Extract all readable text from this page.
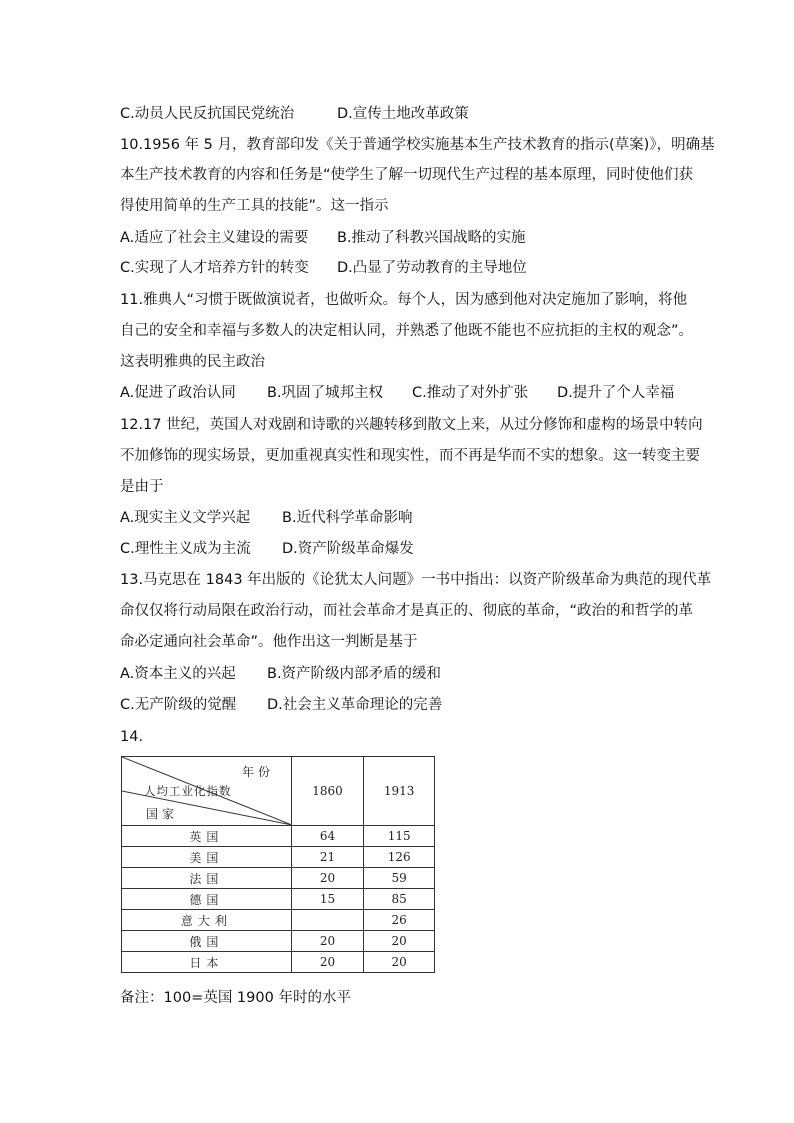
C.动员人民反抗国民党统治	D.宣传土地改革政策
10.1956 年 5 月，教育部印发《关于普通学校实施基本生产技术教育的指示(草案)》，明确基
本生产技术教育的内容和任务是“使学生了解一切现代生产过程的基本原理，同时使他们获
得使用简单的生产工具的技能”。这一指示
A.适应了社会主义建设的需要 B.推动了科教兴国战略的实施
C.实现了人才培养方针的转变 D.凸显了劳动教育的主导地位
11.雅典人“习惯于既做演说者，也做听众。每个人，因为感到他对决定施加了影响，将他
自己的安全和幸福与多数人的决定相认同，并熟悉了他既不能也不应抗拒的主权的观念”。
这表明雅典的民主政治
A.促进了政治认同 B.巩固了城邦主权 C.推动了对外扩张 D.提升了个人幸福
12.17 世纪，英国人对戏剧和诗歌的兴趣转移到散文上来，从过分修饰和虚构的场景中转向
不加修饰的现实场景，更加重视真实性和现实性，而不再是华而不实的想象。这一转变主要
是由于
A.现实主义文学兴起 B.近代科学革命影响
C.理性主义成为主流 D.资产阶级革命爆发
13.马克思在 1843 年出版的《论犹太人问题》一书中指出：以资产阶级革命为典范的现代革
命仅仅将行动局限在政治行动，而社会革命才是真正的、彻底的革命，“政治的和哲学的革
命必定通向社会革命”。他作出这一判断是基于
A.资本主义的兴起 B.资产阶级内部矛盾的缓和
C.无产阶级的觉醒 D.社会主义革命理论的完善
14.
年份
人均工业化指数
国家	1860	1913
英国	64	115
美国	21	126
法国	20	59
德国	15	85
意大利		26
俄国	20	20
日本	20	20
备注：100=英国 1900 年时的水平
